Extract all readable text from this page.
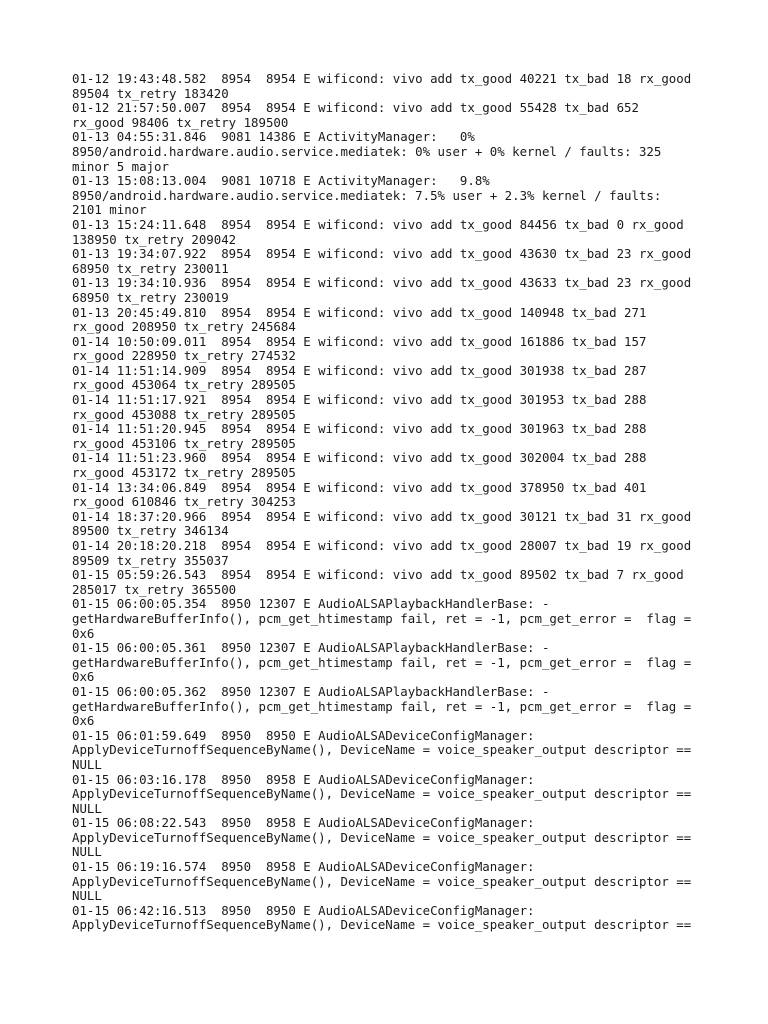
01-12 19:43:48.582  8954  8954 E wificond: vivo add tx_good 40221 tx_bad 18 rx_good
89504 tx_retry 183420
01-12 21:57:50.007  8954  8954 E wificond: vivo add tx_good 55428 tx_bad 652
rx_good 98406 tx_retry 189500
01-13 04:55:31.846  9081 14386 E ActivityManager:   0%
8950/android.hardware.audio.service.mediatek: 0% user + 0% kernel / faults: 325
minor 5 major
01-13 15:08:13.004  9081 10718 E ActivityManager:   9.8%
8950/android.hardware.audio.service.mediatek: 7.5% user + 2.3% kernel / faults:
2101 minor
01-13 15:24:11.648  8954  8954 E wificond: vivo add tx_good 84456 tx_bad 0 rx_good
138950 tx_retry 209042
01-13 19:34:07.922  8954  8954 E wificond: vivo add tx_good 43630 tx_bad 23 rx_good
68950 tx_retry 230011
01-13 19:34:10.936  8954  8954 E wificond: vivo add tx_good 43633 tx_bad 23 rx_good
68950 tx_retry 230019
01-13 20:45:49.810  8954  8954 E wificond: vivo add tx_good 140948 tx_bad 271
rx_good 208950 tx_retry 245684
01-14 10:50:09.011  8954  8954 E wificond: vivo add tx_good 161886 tx_bad 157
rx_good 228950 tx_retry 274532
01-14 11:51:14.909  8954  8954 E wificond: vivo add tx_good 301938 tx_bad 287
rx_good 453064 tx_retry 289505
01-14 11:51:17.921  8954  8954 E wificond: vivo add tx_good 301953 tx_bad 288
rx_good 453088 tx_retry 289505
01-14 11:51:20.945  8954  8954 E wificond: vivo add tx_good 301963 tx_bad 288
rx_good 453106 tx_retry 289505
01-14 11:51:23.960  8954  8954 E wificond: vivo add tx_good 302004 tx_bad 288
rx_good 453172 tx_retry 289505
01-14 13:34:06.849  8954  8954 E wificond: vivo add tx_good 378950 tx_bad 401
rx_good 610846 tx_retry 304253
01-14 18:37:20.966  8954  8954 E wificond: vivo add tx_good 30121 tx_bad 31 rx_good
89500 tx_retry 346134
01-14 20:18:20.218  8954  8954 E wificond: vivo add tx_good 28007 tx_bad 19 rx_good
89509 tx_retry 355037
01-15 05:59:26.543  8954  8954 E wificond: vivo add tx_good 89502 tx_bad 7 rx_good
285017 tx_retry 365500
01-15 06:00:05.354  8950 12307 E AudioALSAPlaybackHandlerBase: -
getHardwareBufferInfo(), pcm_get_htimestamp fail, ret = -1, pcm_get_error =  flag =
0x6
01-15 06:00:05.361  8950 12307 E AudioALSAPlaybackHandlerBase: -
getHardwareBufferInfo(), pcm_get_htimestamp fail, ret = -1, pcm_get_error =  flag =
0x6
01-15 06:00:05.362  8950 12307 E AudioALSAPlaybackHandlerBase: -
getHardwareBufferInfo(), pcm_get_htimestamp fail, ret = -1, pcm_get_error =  flag =
0x6
01-15 06:01:59.649  8950  8950 E AudioALSADeviceConfigManager:
ApplyDeviceTurnoffSequenceByName(), DeviceName = voice_speaker_output descriptor ==
NULL
01-15 06:03:16.178  8950  8958 E AudioALSADeviceConfigManager:
ApplyDeviceTurnoffSequenceByName(), DeviceName = voice_speaker_output descriptor ==
NULL
01-15 06:08:22.543  8950  8958 E AudioALSADeviceConfigManager:
ApplyDeviceTurnoffSequenceByName(), DeviceName = voice_speaker_output descriptor ==
NULL
01-15 06:19:16.574  8950  8958 E AudioALSADeviceConfigManager:
ApplyDeviceTurnoffSequenceByName(), DeviceName = voice_speaker_output descriptor ==
NULL
01-15 06:42:16.513  8950  8950 E AudioALSADeviceConfigManager:
ApplyDeviceTurnoffSequenceByName(), DeviceName = voice_speaker_output descriptor ==
